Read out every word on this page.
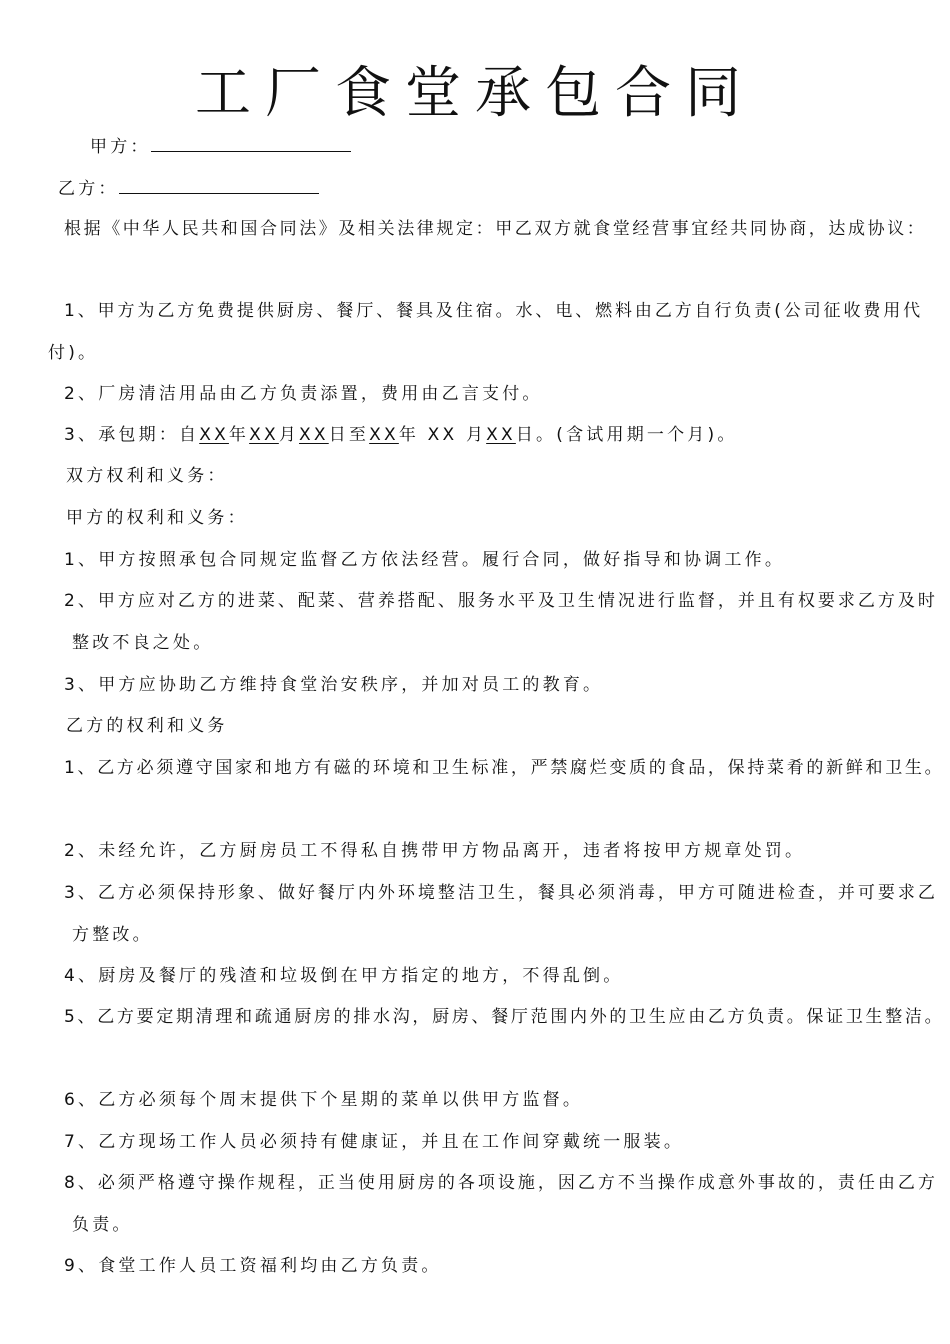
工厂食堂承包合同
甲方：
乙方：

根据《中华人民共和国合同法》及相关法律规定：甲乙双方就食堂经营事宜经共同协商，达成协议：

1、甲方为乙方免费提供厨房、餐厅、餐具及住宿。水、电、燃料由乙方自行负责(公司征收费用代

付)。

2、厂房清洁用品由乙方负责添置，费用由乙言支付。

3、承包期：自XX年XX月XX日至XX年 XX 月XX日。(含试用期一个月)。

双方权利和义务：

甲方的权利和义务：

1、甲方按照承包合同规定监督乙方依法经营。履行合同，做好指导和协调工作。

2、甲方应对乙方的进菜、配菜、营养搭配、服务水平及卫生情况进行监督，并且有权要求乙方及时

整改不良之处。

3、甲方应协助乙方维持食堂治安秩序，并加对员工的教育。

乙方的权利和义务

1、乙方必须遵守国家和地方有磁的环境和卫生标准，严禁腐烂变质的食品，保持菜肴的新鲜和卫生。

2、未经允许，乙方厨房员工不得私自携带甲方物品离开，违者将按甲方规章处罚。

3、乙方必须保持形象、做好餐厅内外环境整洁卫生，餐具必须消毒，甲方可随进检查，并可要求乙

方整改。

4、厨房及餐厅的残渣和垃圾倒在甲方指定的地方，不得乱倒。

5、乙方要定期清理和疏通厨房的排水沟，厨房、餐厅范围内外的卫生应由乙方负责。保证卫生整洁。

6、乙方必须每个周末提供下个星期的菜单以供甲方监督。

7、乙方现场工作人员必须持有健康证，并且在工作间穿戴统一服装。

8、必须严格遵守操作规程，正当使用厨房的各项设施，因乙方不当操作成意外事故的，责任由乙方

负责。

9、食堂工作人员工资福利均由乙方负责。
